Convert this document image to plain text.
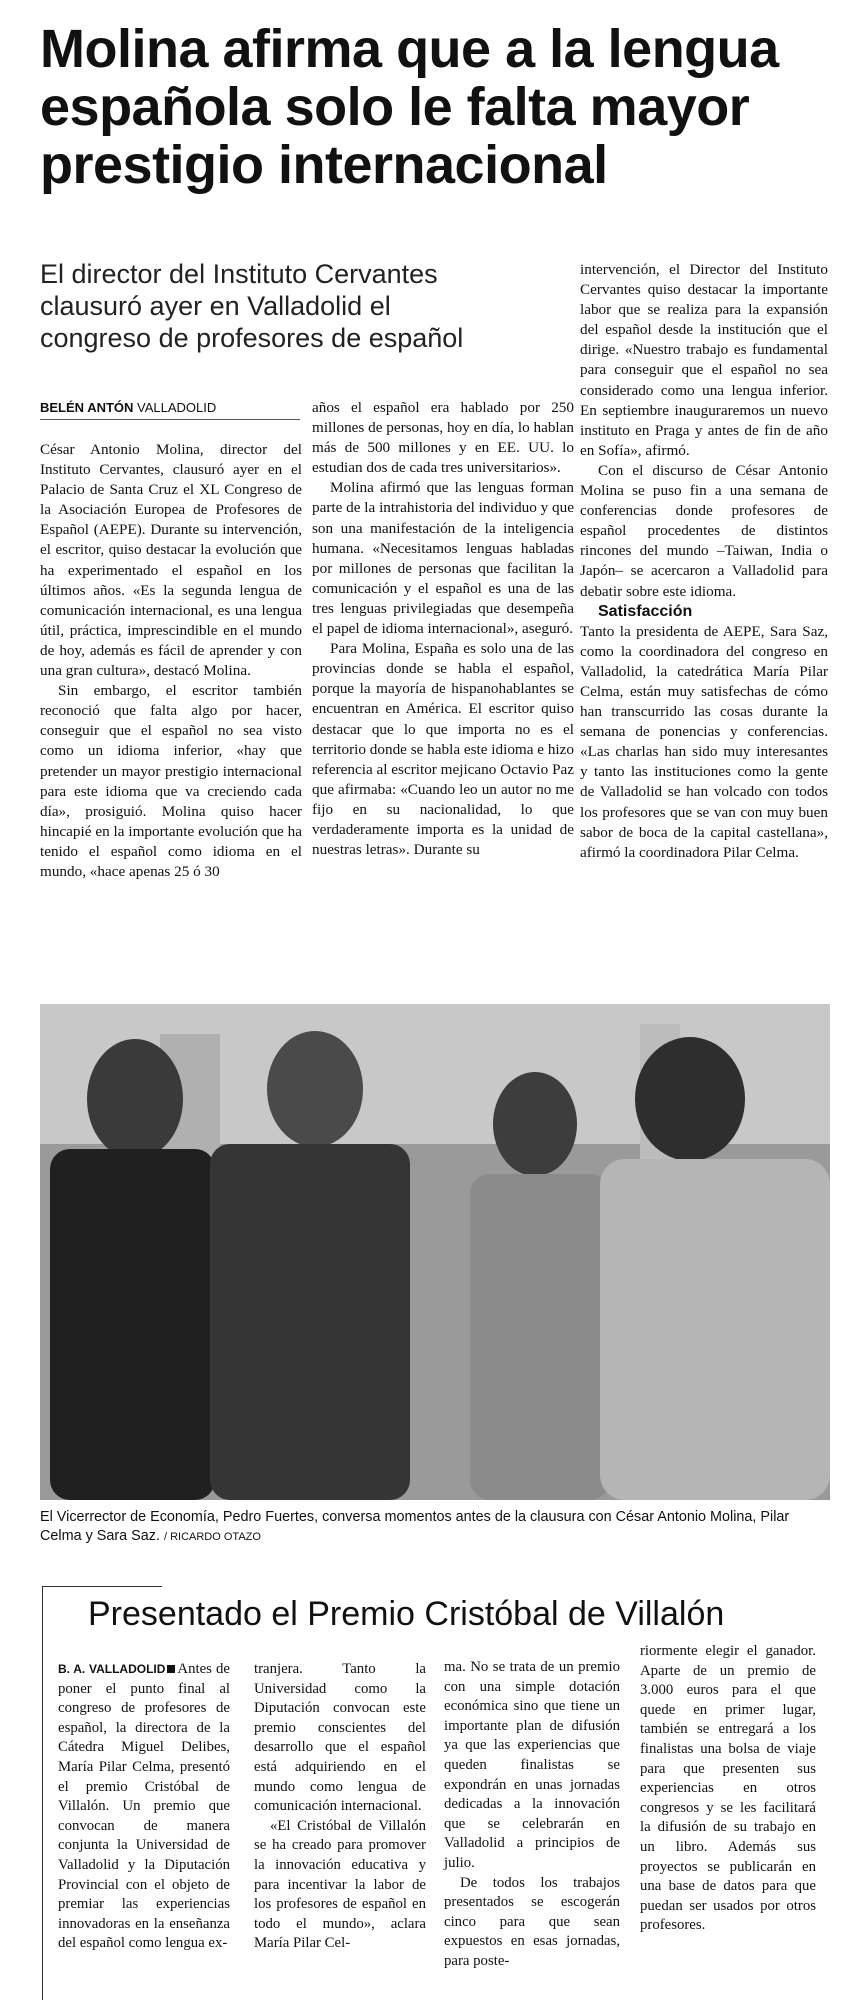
Molina afirma que a la lengua
española solo le falta mayor
prestigio internacional
El director del Instituto Cervantes
clausuró ayer en Valladolid el
congreso de profesores de español
BELÉN ANTÓN VALLADOLID

César Antonio Molina, director del Instituto Cervantes, clausuró ayer en el Palacio de Santa Cruz el XL Congreso de la Asociación Europea de Profesores de Español (AEPE). Durante su intervención, el escritor, quiso destacar la evolución que ha experimentado el español en los últimos años. «Es la segunda lengua de comunicación internacional, es una lengua útil, práctica, imprescindible en el mundo de hoy, además es fácil de aprender y con una gran cultura», destacó Molina.

Sin embargo, el escritor también reconoció que falta algo por hacer, conseguir que el español no sea visto como un idioma inferior, «hay que pretender un mayor prestigio internacional para este idioma que va creciendo cada día», prosiguió. Molina quiso hacer hincapié en la importante evolución que ha tenido el español como idioma en el mundo, «hace apenas 25 ó 30

años el español era hablado por 250 millones de personas, hoy en día, lo hablan más de 500 millones y en EE. UU. lo estudian dos de cada tres universitarios».

Molina afirmó que las lenguas forman parte de la intrahistoria del individuo y que son una manifestación de la inteligencia humana. «Necesitamos lenguas habladas por millones de personas que facilitan la comunicación y el español es una de las tres lenguas privilegiadas que desempeña el papel de idioma internacional», aseguró.

Para Molina, España es solo una de las provincias donde se habla el español, porque la mayoría de hispanohablantes se encuentran en América. El escritor quiso destacar que lo que importa no es el territorio donde se habla este idioma e hizo referencia al escritor mejicano Octavio Paz que afirmaba: «Cuando leo un autor no me fijo en su nacionalidad, lo que verdaderamente importa es la unidad de nuestras letras». Durante su

intervención, el Director del Instituto Cervantes quiso destacar la importante labor que se realiza para la expansión del español desde la institución que el dirige. «Nuestro trabajo es fundamental para conseguir que el español no sea considerado como una lengua inferior. En septiembre inauguraremos un nuevo instituto en Praga y antes de fin de año en Sofía», afirmó.

Con el discurso de César Antonio Molina se puso fin a una semana de conferencias donde profesores de español procedentes de distintos rincones del mundo –Taiwan, India o Japón– se acercaron a Valladolid para debatir sobre este idioma.

Satisfacción

Tanto la presidenta de AEPE, Sara Saz, como la coordinadora del congreso en Valladolid, la catedrática María Pilar Celma, están muy satisfechas de cómo han transcurrido las cosas durante la semana de ponencias y conferencias. «Las charlas han sido muy interesantes y tanto las instituciones como la gente de Valladolid se han volcado con todos los profesores que se van con muy buen sabor de boca de la capital castellana», afirmó la coordinadora Pilar Celma.

El Vicerrector de Economía, Pedro Fuertes, conversa momentos antes de la clausura con César Antonio Molina, Pilar Celma y Sara Saz. / RICARDO OTAZO
Presentado el Premio Cristóbal de Villalón

B. A. VALLADOLID Antes de poner el punto final al congreso de profesores de español, la directora de la Cátedra Miguel Delibes, María Pilar Celma, presentó el premio Cristóbal de Villalón. Un premio que convocan de manera conjunta la Universidad de Valladolid y la Diputación Provincial con el objeto de premiar las experiencias innovadoras en la enseñanza del español como lengua ex-

tranjera. Tanto la Universidad como la Diputación convocan este premio conscientes del desarrollo que el español está adquiriendo en el mundo como lengua de comunicación internacional.

«El Cristóbal de Villalón se ha creado para promover la innovación educativa y para incentivar la labor de los profesores de español en todo el mundo», aclara María Pilar Cel-

ma. No se trata de un premio con una simple dotación económica sino que tiene un importante plan de difusión ya que las experiencias que queden finalistas se expondrán en unas jornadas dedicadas a la innovación que se celebrarán en Valladolid a principios de julio.

De todos los trabajos presentados se escogerán cinco para que sean expuestos en esas jornadas, para poste-

riormente elegir el ganador. Aparte de un premio de 3.000 euros para el que quede en primer lugar, también se entregará a los finalistas una bolsa de viaje para que presenten sus experiencias en otros congresos y se les facilitará la difusión de su trabajo en un libro. Además sus proyectos se publicarán en una base de datos para que puedan ser usados por otros profesores.
